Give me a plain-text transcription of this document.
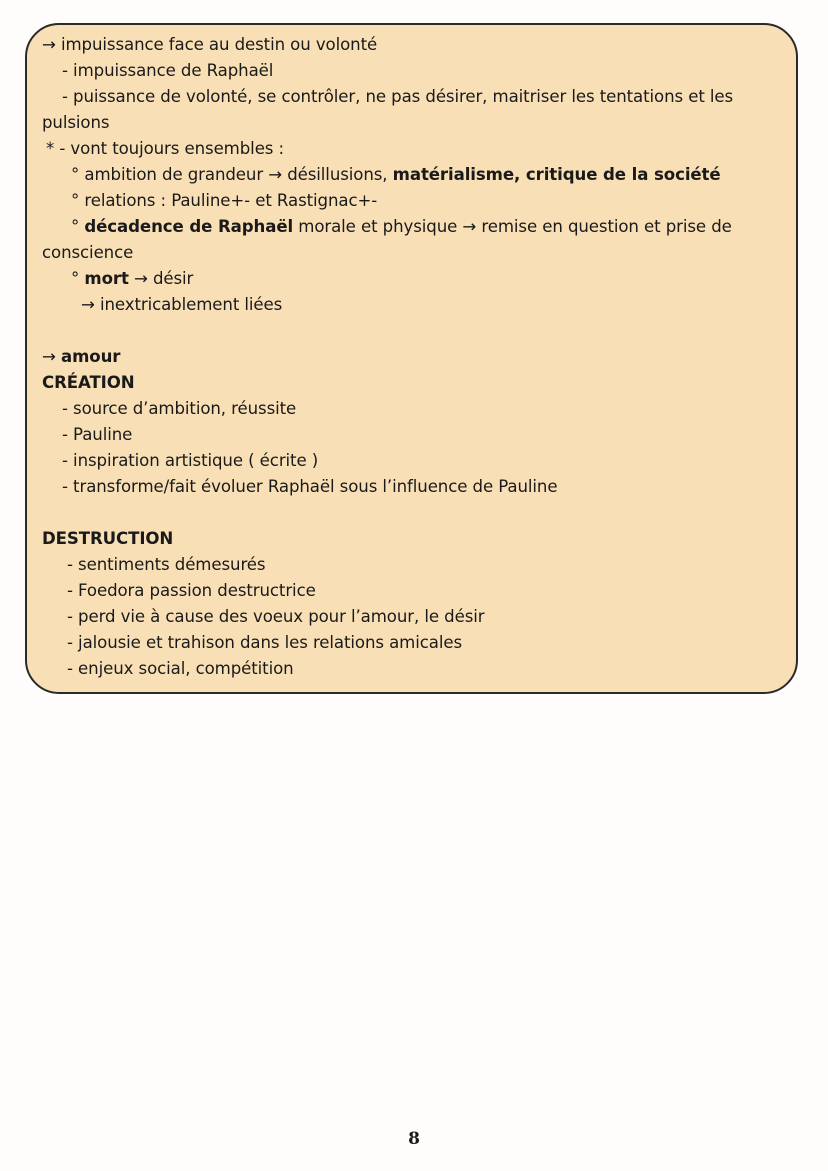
→ impuissance face au destin ou volonté
- impuissance de Raphaël
- puissance de volonté, se contrôler, ne pas désirer, maitriser les tentations et les
pulsions
* - vont toujours ensembles :
° ambition de grandeur → désillusions, matérialisme, critique de la société
° relations : Pauline+- et Rastignac+-
° décadence de Raphaël morale et physique → remise en question et prise de
conscience
° mort → désir
→ inextricablement liées
→ amour
CRÉATION
- source d’ambition, réussite
- Pauline
- inspiration artistique ( écrite )
- transforme/fait évoluer Raphaël sous l’influence de Pauline
DESTRUCTION
- sentiments démesurés
- Foedora passion destructrice
- perd vie à cause des voeux pour l’amour, le désir
- jalousie et trahison dans les relations amicales
- enjeux social, compétition
8
